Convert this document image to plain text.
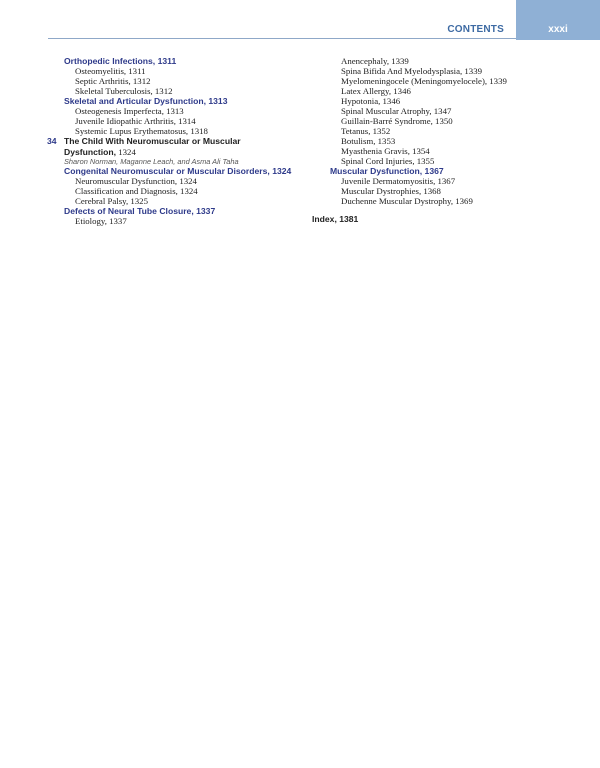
CONTENTS	xxxi
Orthopedic Infections, 1311
Osteomyelitis, 1311
Septic Arthritis, 1312
Skeletal Tuberculosis, 1312
Skeletal and Articular Dysfunction, 1313
Osteogenesis Imperfecta, 1313
Juvenile Idiopathic Arthritis, 1314
Systemic Lupus Erythematosus, 1318
34 The Child With Neuromuscular or Muscular
Dysfunction, 1324
Sharon Norman, Maganne Leach, and Asma Ali Taha
Congenital Neuromuscular or Muscular Disorders, 1324
Neuromuscular Dysfunction, 1324
Classification and Diagnosis, 1324
Cerebral Palsy, 1325
Defects of Neural Tube Closure, 1337
Etiology, 1337
Anencephaly, 1339
Spina Bifida And Myelodysplasia, 1339
Myelomeningocele (Meningomyelocele), 1339
Latex Allergy, 1346
Hypotonia, 1346
Spinal Muscular Atrophy, 1347
Guillain-Barré Syndrome, 1350
Tetanus, 1352
Botulism, 1353
Myasthenia Gravis, 1354
Spinal Cord Injuries, 1355
Muscular Dysfunction, 1367
Juvenile Dermatomyositis, 1367
Muscular Dystrophies, 1368
Duchenne Muscular Dystrophy, 1369
Index, 1381
